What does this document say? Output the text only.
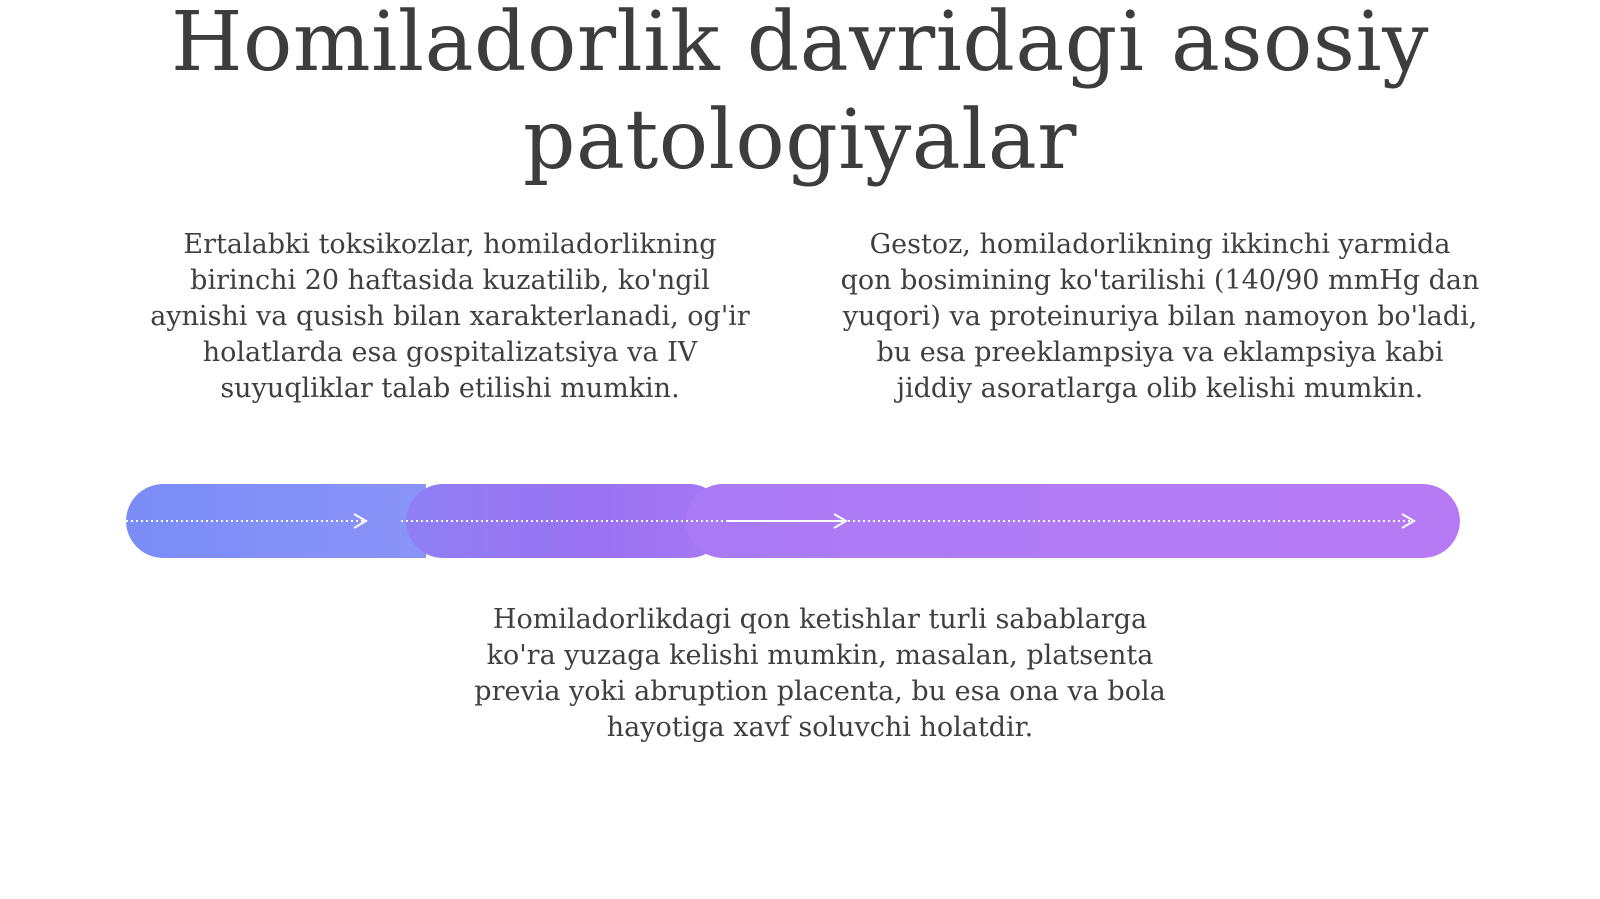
Homiladorlik davridagi asosiy patologiyalar

Ertalabki toksikozlar, homiladorlikning birinchi 20 haftasida kuzatilib, ko'ngil aynishi va qusish bilan xarakterlanadi, og'ir holatlarda esa gospitalizatsiya va IV suyuqliklar talab etilishi mumkin.

Gestoz, homiladorlikning ikkinchi yarmida qon bosimining ko'tarilishi (140/90 mmHg dan yuqori) va proteinuriya bilan namoyon bo'ladi, bu esa preeklampsiya va eklampsiya kabi jiddiy asoratlarga olib kelishi mumkin.

Homiladorlikdagi qon ketishlar turli sabablarga ko'ra yuzaga kelishi mumkin, masalan, platsenta previa yoki abruption placenta, bu esa ona va bola hayotiga xavf soluvchi holatdir.
